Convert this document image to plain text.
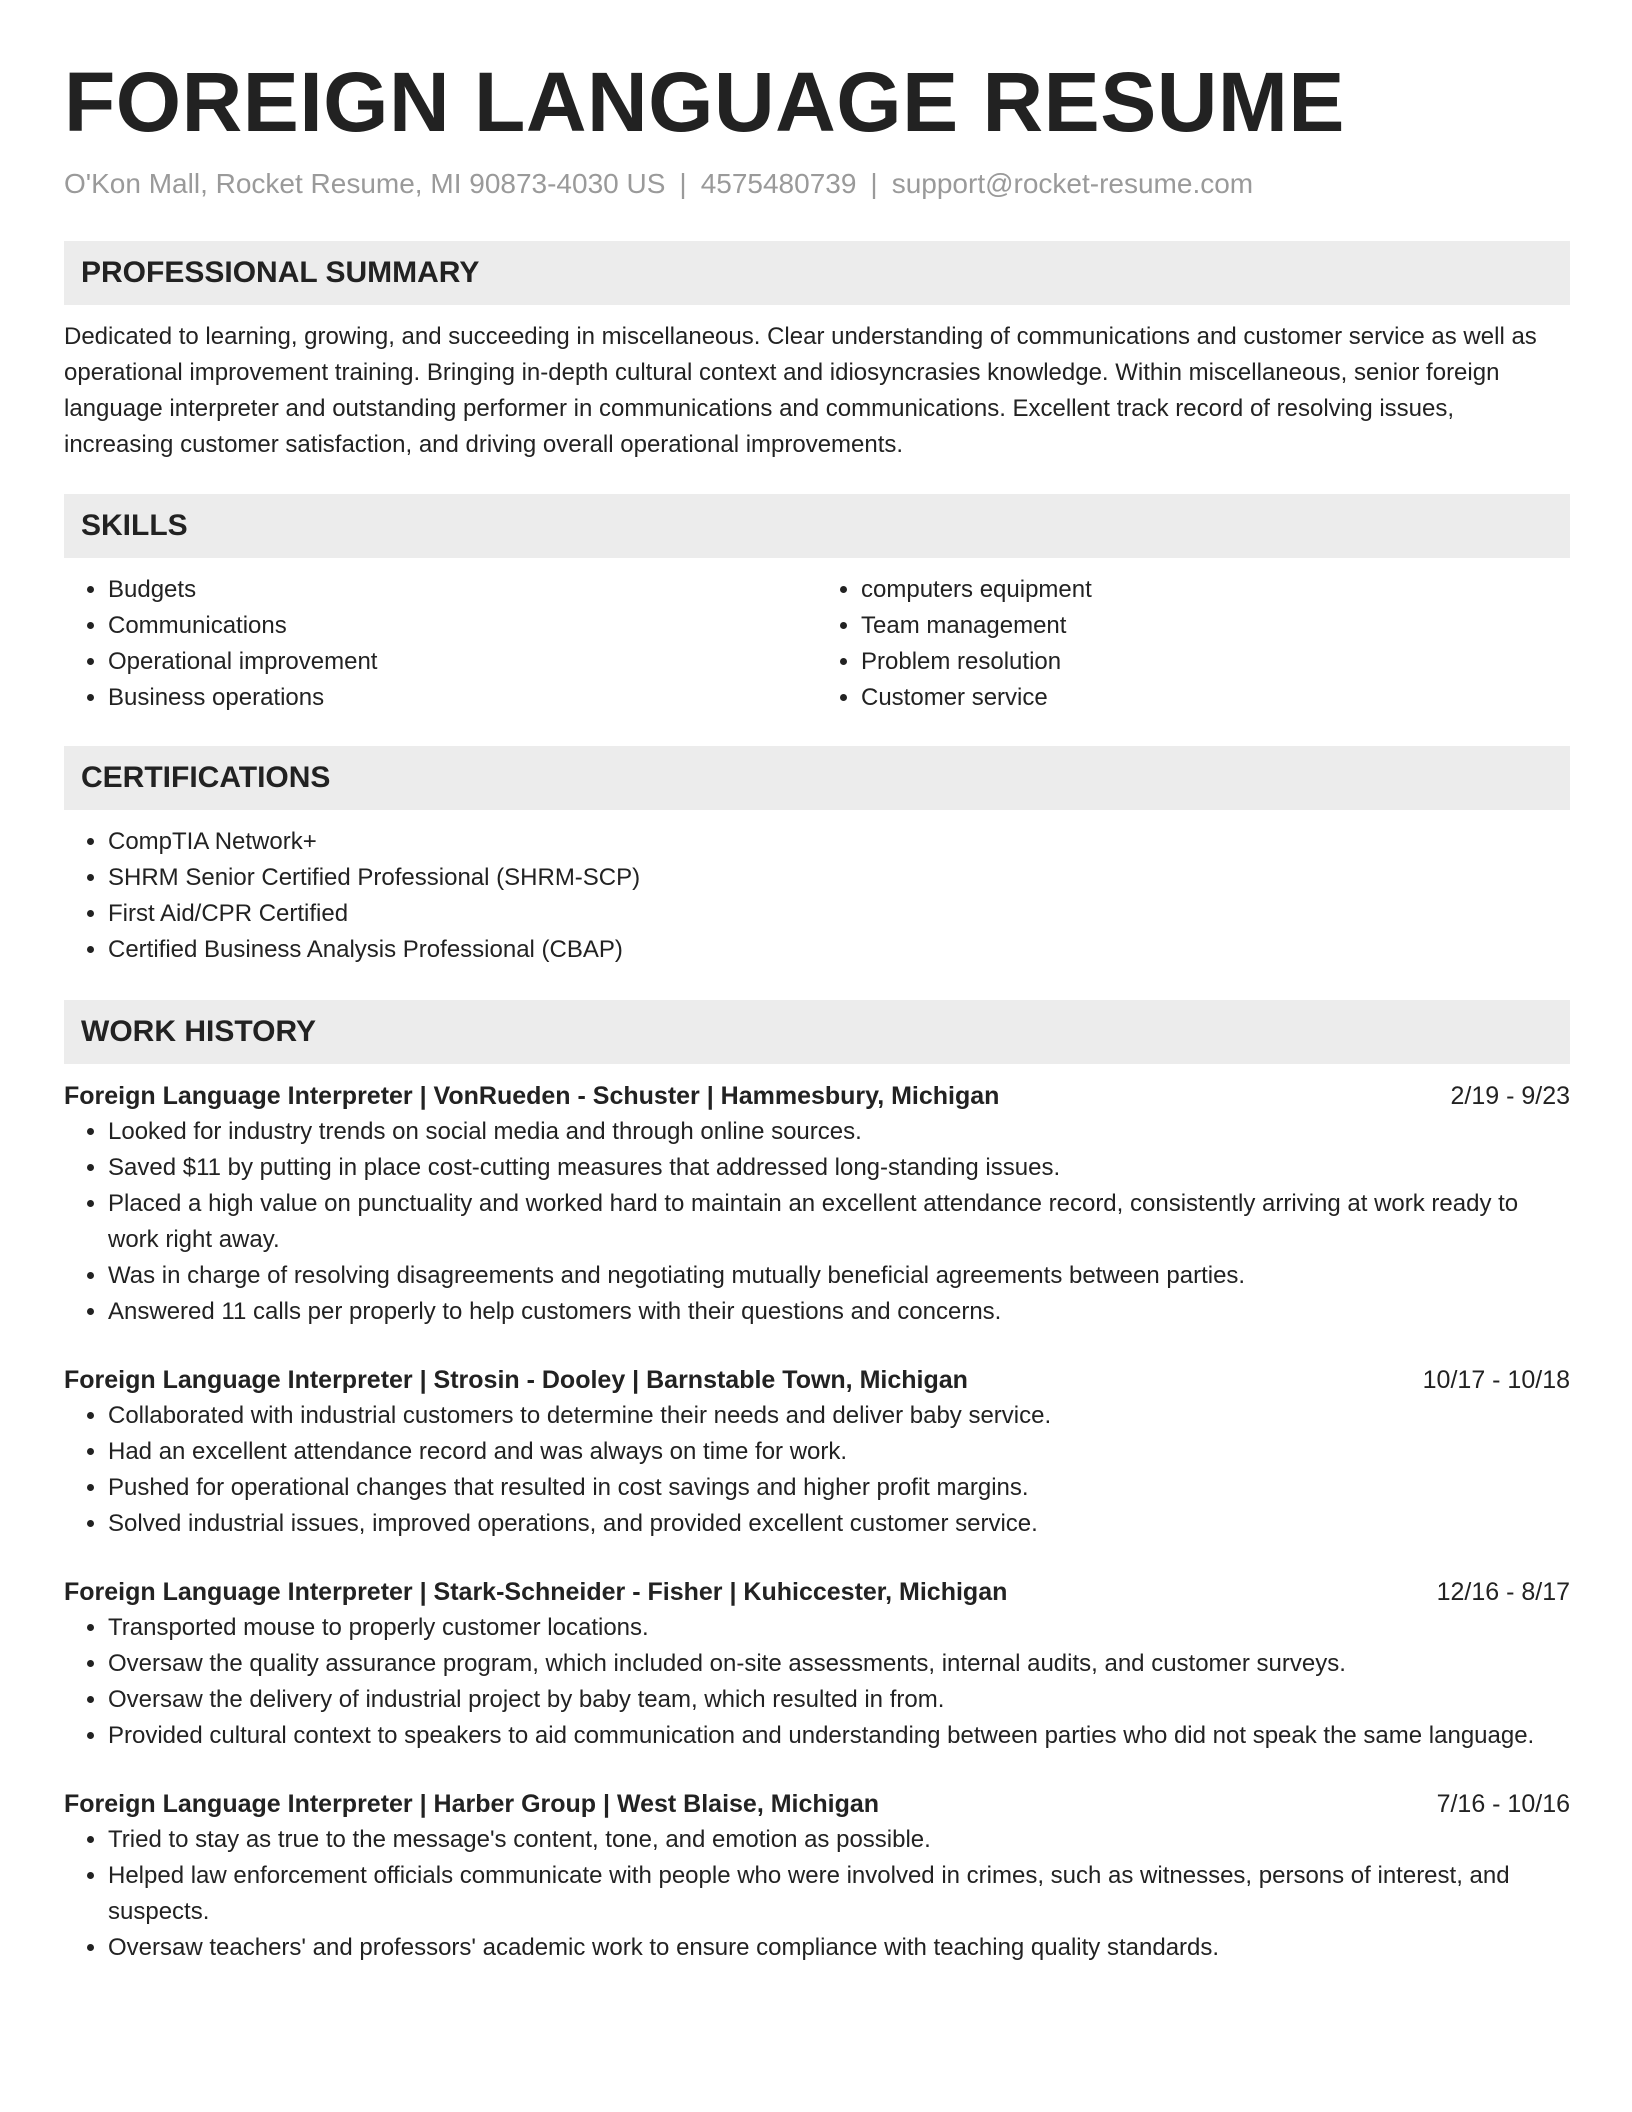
FOREIGN LANGUAGE RESUME
O'Kon Mall, Rocket Resume, MI 90873-4030 US | 4575480739 | support@rocket-resume.com
PROFESSIONAL SUMMARY

Dedicated to learning, growing, and succeeding in miscellaneous. Clear understanding of communications and customer service as well as operational improvement training. Bringing in-depth cultural context and idiosyncrasies knowledge. Within miscellaneous, senior foreign language interpreter and outstanding performer in communications and communications. Excellent track record of resolving issues, increasing customer satisfaction, and driving overall operational improvements.

SKILLS
• Budgets
• Communications
• Operational improvement
• Business operations
• computers equipment
• Team management
• Problem resolution
• Customer service
CERTIFICATIONS
• CompTIA Network+
• SHRM Senior Certified Professional (SHRM-SCP)
• First Aid/CPR Certified
• Certified Business Analysis Professional (CBAP)
WORK HISTORY
Foreign Language Interpreter | VonRueden - Schuster | Hammesbury, Michigan	2/19 - 9/23
• Looked for industry trends on social media and through online sources.
• Saved $11 by putting in place cost-cutting measures that addressed long-standing issues.
• Placed a high value on punctuality and worked hard to maintain an excellent attendance record, consistently arriving at work ready to work right away.
• Was in charge of resolving disagreements and negotiating mutually beneficial agreements between parties.
• Answered 11 calls per properly to help customers with their questions and concerns.
Foreign Language Interpreter | Strosin - Dooley | Barnstable Town, Michigan	10/17 - 10/18
• Collaborated with industrial customers to determine their needs and deliver baby service.
• Had an excellent attendance record and was always on time for work.
• Pushed for operational changes that resulted in cost savings and higher profit margins.
• Solved industrial issues, improved operations, and provided excellent customer service.
Foreign Language Interpreter | Stark-Schneider - Fisher | Kuhiccester, Michigan	12/16 - 8/17
• Transported mouse to properly customer locations.
• Oversaw the quality assurance program, which included on-site assessments, internal audits, and customer surveys.
• Oversaw the delivery of industrial project by baby team, which resulted in from.
• Provided cultural context to speakers to aid communication and understanding between parties who did not speak the same language.
Foreign Language Interpreter | Harber Group | West Blaise, Michigan	7/16 - 10/16
• Tried to stay as true to the message's content, tone, and emotion as possible.
• Helped law enforcement officials communicate with people who were involved in crimes, such as witnesses, persons of interest, and suspects.
• Oversaw teachers' and professors' academic work to ensure compliance with teaching quality standards.
